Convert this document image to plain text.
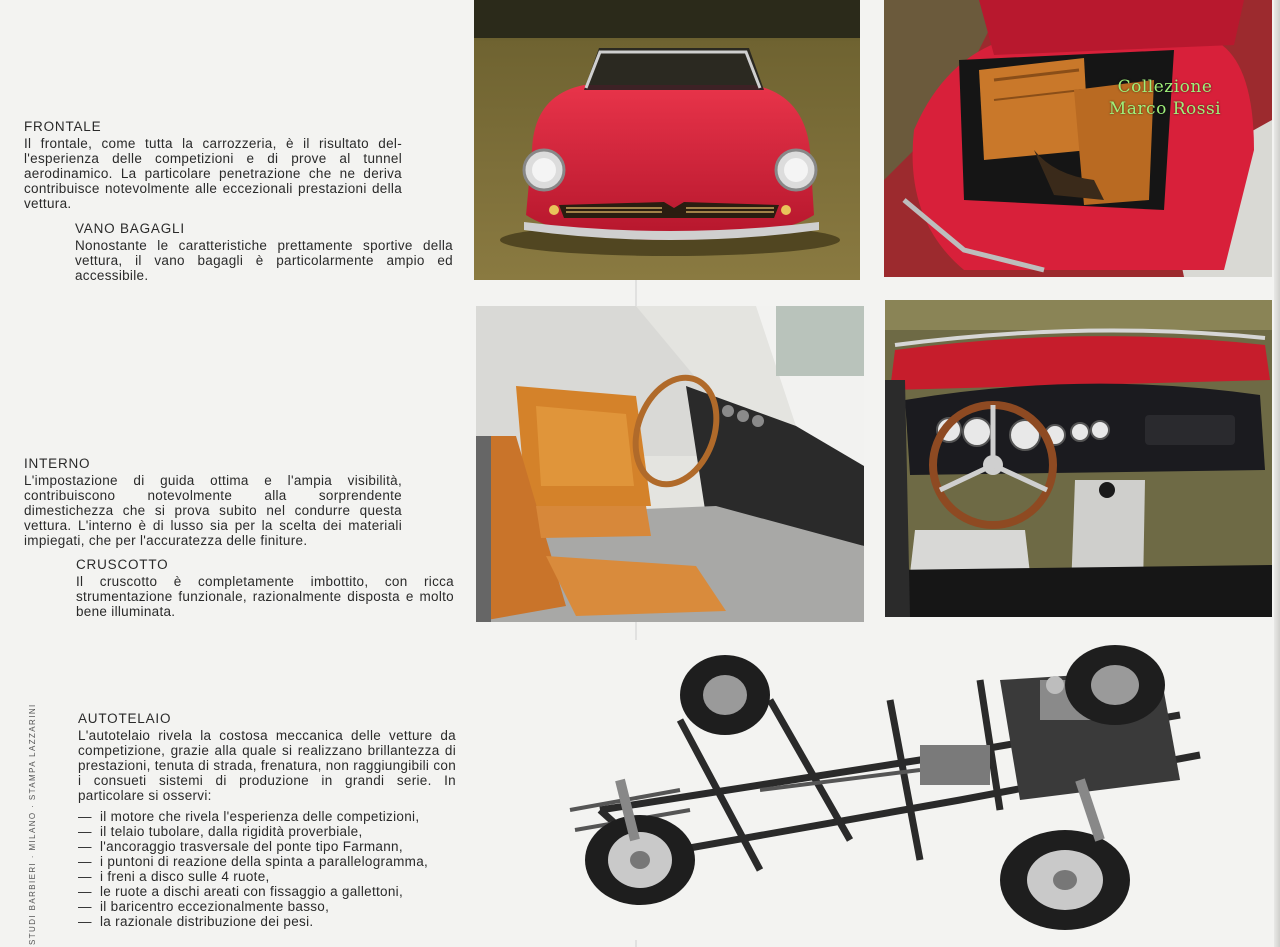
FRONTALE
Il frontale, come tutta la carrozzeria, è il risultato del-l'esperienza delle competizioni e di prove al tunnel aerodinamico. La particolare penetrazione che ne deriva contribuisce notevolmente alle eccezionali prestazioni della vettura.
VANO BAGAGLI
Nonostante le caratteristiche prettamente sportive della vettura, il vano bagagli è particolarmente ampio ed accessibile.
INTERNO
L'impostazione di guida ottima e l'ampia visibilità, contribuiscono notevolmente alla sorprendente dimestichezza che si prova subito nel condurre questa vettura. L'interno è di lusso sia per la scelta dei materiali impiegati, che per l'accuratezza delle finiture.
CRUSCOTTO
Il cruscotto è completamente imbottito, con ricca strumentazione funzionale, razionalmente disposta e molto bene illuminata.
AUTOTELAIO
L'autotelaio rivela la costosa meccanica delle vetture da competizione, grazie alla quale si realizzano brillantezza di prestazioni, tenuta di strada, frenatura, non raggiungibili con i consueti sistemi di produzione in grandi serie. In particolare si osservi:
— il motore che rivela l'esperienza delle competizioni,
— il telaio tubolare, dalla rigidità proverbiale,
— l'ancoraggio trasversale del ponte tipo Farmann,
— i puntoni di reazione della spinta a parallelogramma,
— i freni a disco sulle 4 ruote,
— le ruote a dischi areati con fissaggio a gallettoni,
— il baricentro eccezionalmente basso,
— la razionale distribuzione dei pesi.
STUDI BARBIERI · MILANO · STAMPA LAZZARINI
Collezione
Marco Rossi
